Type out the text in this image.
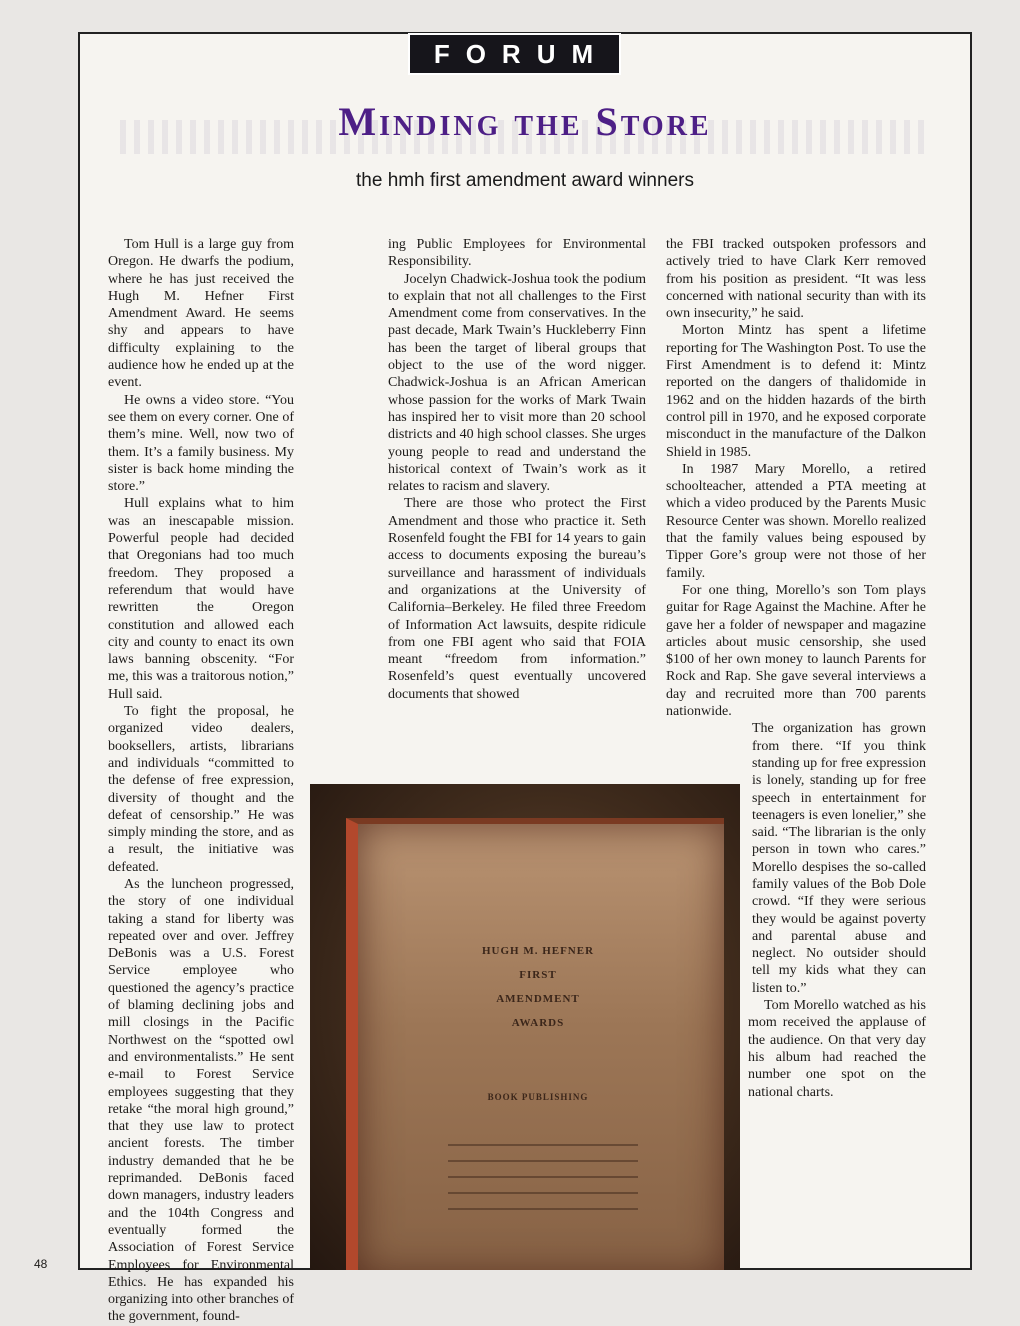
FORUM
Minding the Store
the hmh first amendment award winners

Tom Hull is a large guy from Oregon. He dwarfs the podium, where he has just received the Hugh M. Hefner First Amendment Award. He seems shy and appears to have difficulty explaining to the audience how he ended up at the event.

He owns a video store. “You see them on every corner. One of them’s mine. Well, now two of them. It’s a family business. My sister is back home minding the store.”

Hull explains what to him was an inescapable mission. Powerful people had decided that Oregonians had too much freedom. They proposed a referendum that would have rewritten the Oregon constitution and allowed each city and county to enact its own laws banning obscenity. “For me, this was a traitorous notion,” Hull said.

To fight the proposal, he organized video dealers, booksellers, artists, librarians and individuals “committed to the defense of free expression, diversity of thought and the defeat of censorship.” He was simply minding the store, and as a result, the initiative was defeated.

As the luncheon progressed, the story of one individual taking a stand for liberty was repeated over and over. Jeffrey DeBonis was a U.S. Forest Service employee who questioned the agency’s practice of blaming declining jobs and mill closings in the Pacific Northwest on the “spotted owl and environmentalists.” He sent e-mail to Forest Service employees suggesting that they retake “the moral high ground,” that they use law to protect ancient forests. The timber industry demanded that he be reprimanded. DeBonis faced down managers, industry leaders and the 104th Congress and eventually formed the Association of Forest Service Employees for Environmental Ethics. He has expanded his organizing into other branches of the government, found-

ing Public Employees for Environmental Responsibility.

Jocelyn Chadwick-Joshua took the podium to explain that not all challenges to the First Amendment come from conservatives. In the past decade, Mark Twain’s Huckleberry Finn has been the target of liberal groups that object to the use of the word nigger. Chadwick-Joshua is an African American whose passion for the works of Mark Twain has inspired her to visit more than 20 school districts and 40 high school classes. She urges young people to read and understand the historical context of Twain’s work as it relates to racism and slavery.

There are those who protect the First Amendment and those who practice it. Seth Rosenfeld fought the FBI for 14 years to gain access to documents exposing the bureau’s surveillance and harassment of individuals and organizations at the University of California–Berkeley. He filed three Freedom of Information Act lawsuits, despite ridicule from one FBI agent who said that FOIA meant “freedom from information.” Rosenfeld’s quest eventually uncovered documents that showed

the FBI tracked outspoken professors and actively tried to have Clark Kerr removed from his position as president. “It was less concerned with national security than with its own insecurity,” he said.

Morton Mintz has spent a lifetime reporting for The Washington Post. To use the First Amendment is to defend it: Mintz reported on the dangers of thalidomide in 1962 and on the hidden hazards of the birth control pill in 1970, and he exposed corporate misconduct in the manufacture of the Dalkon Shield in 1985.

In 1987 Mary Morello, a retired schoolteacher, attended a PTA meeting at which a video produced by the Parents Music Resource Center was shown. Morello realized that the family values being espoused by Tipper Gore’s group were not those of her family.

For one thing, Morello’s son Tom plays guitar for Rage Against the Machine. After he gave her a folder of newspaper and magazine articles about music censorship, she used $100 of her own money to launch Parents for Rock and Rap. She gave several interviews a day and recruited more than 700 parents nationwide.

The organization has grown from there. “If you think standing up for free expression is lonely, standing up for free speech in entertainment for teenagers is even lonelier,” she said. “The librarian is the only person in town who cares.” Morello despises the so-called family values of the Bob Dole crowd. “If they were serious they would be against poverty and parental abuse and neglect. No outsider should tell my kids what they can listen to.”

Tom Morello watched as his mom received the applause of the audience. On that very day his album had reached the number one spot on the national charts.

HUGH M. HEFNER
FIRST
AMENDMENT
AWARDS
BOOK PUBLISHING
48
